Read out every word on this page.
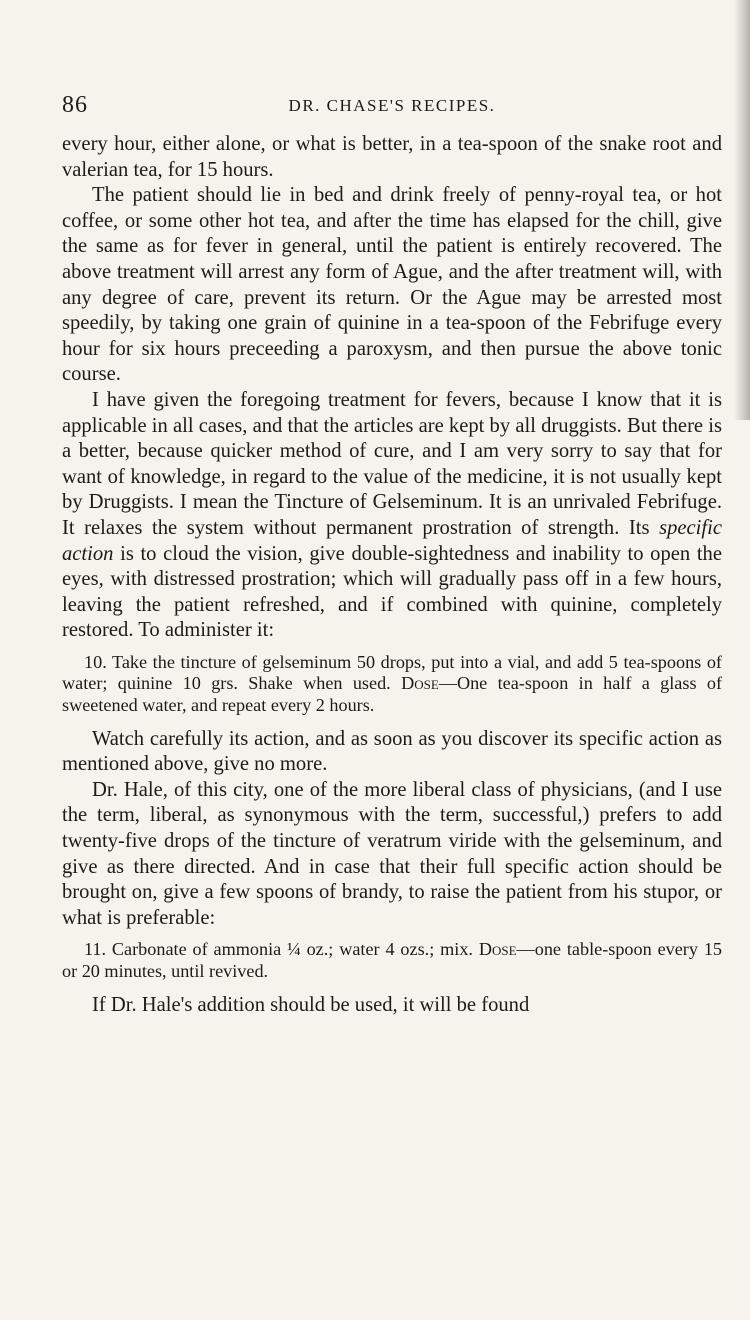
86	DR. CHASE'S RECIPES.

every hour, either alone, or what is better, in a tea-spoon of the snake root and valerian tea, for 15 hours.

The patient should lie in bed and drink freely of penny-royal tea, or hot coffee, or some other hot tea, and after the time has elapsed for the chill, give the same as for fever in general, until the patient is entirely recovered. The above treatment will arrest any form of Ague, and the after treatment will, with any degree of care, prevent its return. Or the Ague may be arrested most speedily, by taking one grain of quinine in a tea-spoon of the Febrifuge every hour for six hours preceeding a paroxysm, and then pursue the above tonic course.

I have given the foregoing treatment for fevers, because I know that it is applicable in all cases, and that the articles are kept by all druggists. But there is a better, because quicker method of cure, and I am very sorry to say that for want of knowledge, in regard to the value of the medicine, it is not usually kept by Druggists. I mean the Tincture of Gelseminum. It is an unrivaled Febrifuge. It relaxes the system without permanent prostration of strength. Its specific action is to cloud the vision, give double-sightedness and inability to open the eyes, with distressed prostration; which will gradually pass off in a few hours, leaving the patient refreshed, and if combined with quinine, completely restored. To administer it:

10. Take the tincture of gelseminum 50 drops, put into a vial, and add 5 tea-spoons of water; quinine 10 grs. Shake when used. Dose—One tea-spoon in half a glass of sweetened water, and repeat every 2 hours.

Watch carefully its action, and as soon as you discover its specific action as mentioned above, give no more.

Dr. Hale, of this city, one of the more liberal class of physicians, (and I use the term, liberal, as synonymous with the term, successful,) prefers to add twenty-five drops of the tincture of veratrum viride with the gelseminum, and give as there directed. And in case that their full specific action should be brought on, give a few spoons of brandy, to raise the patient from his stupor, or what is preferable:

11. Carbonate of ammonia ¼ oz.; water 4 ozs.; mix. Dose—one table-spoon every 15 or 20 minutes, until revived.

If Dr. Hale's addition should be used, it will be found
